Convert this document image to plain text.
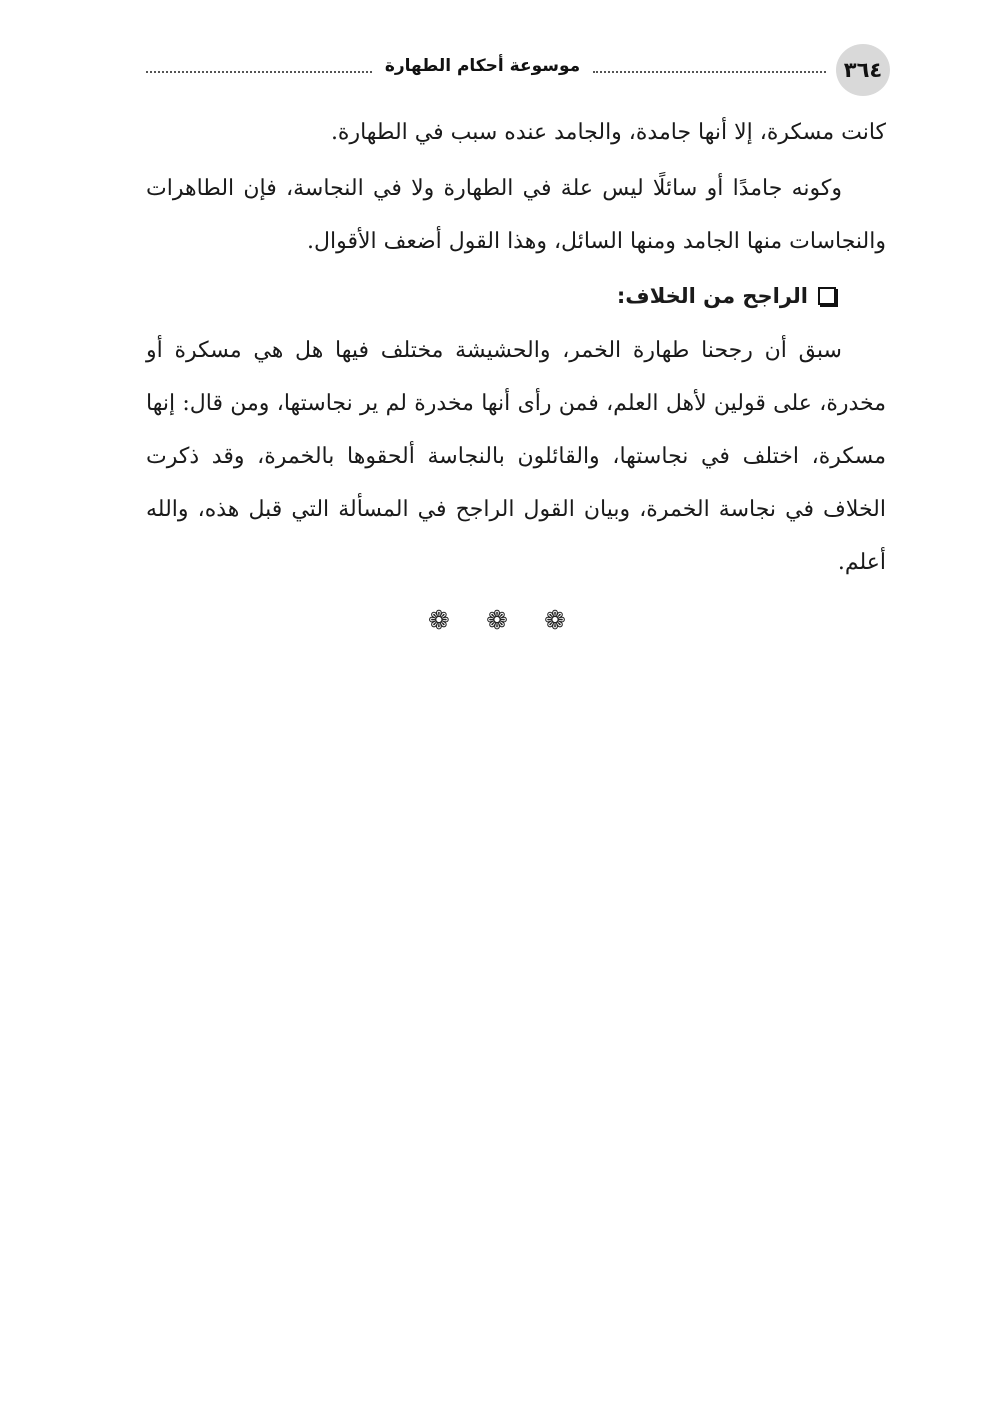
٣٦٤
موسوعة أحكام الطهارة

كانت مسكرة، إلا أنها جامدة، والجامد عنده سبب في الطهارة.

وكونه جامدًا أو سائلًا ليس علة في الطهارة ولا في النجاسة، فإن الطاهرات والنجاسات منها الجامد ومنها السائل، وهذا القول أضعف الأقوال.

الراجح من الخلاف:

سبق أن رجحنا طهارة الخمر، والحشيشة مختلف فيها هل هي مسكرة أو مخدرة، على قولين لأهل العلم، فمن رأى أنها مخدرة لم ير نجاستها، ومن قال: إنها مسكرة، اختلف في نجاستها، والقائلون بالنجاسة ألحقوها بالخمرة، وقد ذكرت الخلاف في نجاسة الخمرة، وبيان القول الراجح في المسألة التي قبل هذه، والله أعلم.

❁ ❁ ❁
